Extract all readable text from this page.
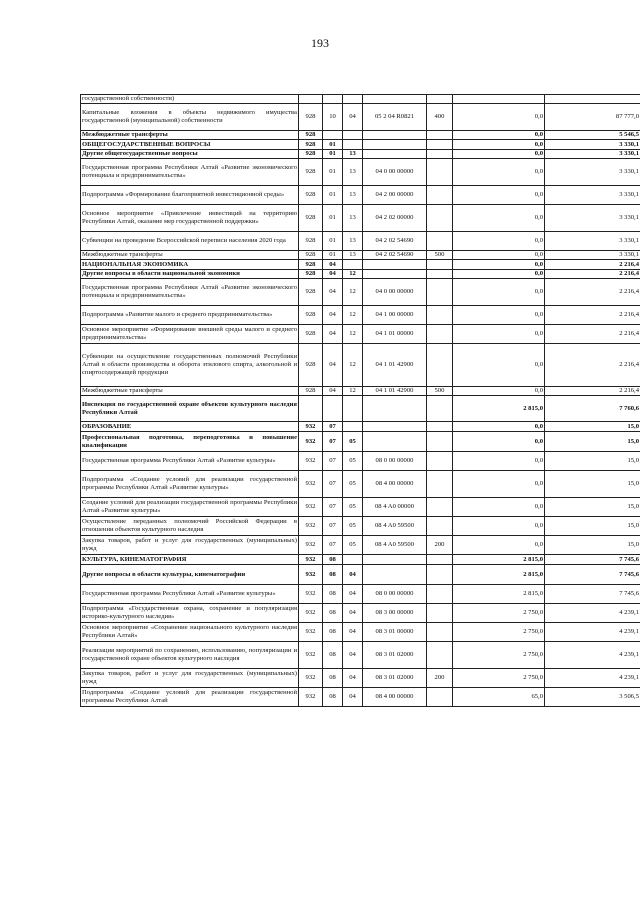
193
государственной собственности)							
Капитальные вложения в объекты недвижимого имущества государственной (муниципальной) собственности	928	10	04	05 2 04 R0821	400	0,0	87 777,0
Межбюджетные трансферты	928					0,0	5 546,5
ОБЩЕГОСУДАРСТВЕННЫЕ ВОПРОСЫ	928	01				0,0	3 330,1
Другие общегосударственные вопросы	928	01	13			0,0	3 330,1
Государственная программа Республики Алтай «Развитие экономического потенциала и предпринимательства»	928	01	13	04 0 00 00000		0,0	3 330,1
Подпрограмма «Формирование благоприятной инвестиционной среды»	928	01	13	04 2 00 00000		0,0	3 330,1
Основное мероприятие «Привлечение инвестиций на территорию Республики Алтай, оказание мер государственной поддержки»	928	01	13	04 2 02 00000		0,0	3 330,1
Субвенции на проведение Всероссийской переписи населения 2020 года	928	01	13	04 2 02 54690		0,0	3 330,1
Межбюджетные трансферты	928	01	13	04 2 02 54690	500	0,0	3 330,1
НАЦИОНАЛЬНАЯ ЭКОНОМИКА	928	04				0,0	2 216,4
Другие вопросы в области национальной экономики	928	04	12			0,0	2 216,4
Государственная программа Республики Алтай «Развитие экономического потенциала и предпринимательства»	928	04	12	04 0 00 00000		0,0	2 216,4
Подпрограмма «Развитие малого и среднего предпринимательства»	928	04	12	04 1 00 00000		0,0	2 216,4
Основное мероприятие «Формирование внешней среды малого и среднего предпринимательства»	928	04	12	04 1 01 00000		0,0	2 216,4
Субвенции на осуществление государственных полномочий Республики Алтай в области производства и оборота этилового спирта, алкогольной и спиртосодержащей продукции	928	04	12	04 1 01 42900		0,0	2 216,4
Межбюджетные трансферты	928	04	12	04 1 01 42900	500	0,0	2 216,4
Инспекция по государственной охране объектов культурного наследия Республики Алтай						2 815,0	7 760,6
ОБРАЗОВАНИЕ	932	07				0,0	15,0
Профессиональная подготовка, переподготовка и повышение квалификации	932	07	05			0,0	15,0
Государственная программа Республики Алтай «Развитие культуры»	932	07	05	08 0 00 00000		0,0	15,0
Подпрограмма «Создание условий для реализации государственной программы Республики Алтай «Развитие культуры»	932	07	05	08 4 00 00000		0,0	15,0
Создание условий для реализации государственной программы Республики Алтай «Развитие культуры»	932	07	05	08 4 A0 00000		0,0	15,0
Осуществление переданных полномочий Российской Федерации в отношении объектов культурного наследия	932	07	05	08 4 A0 59500		0,0	15,0
Закупка товаров, работ и услуг для государственных (муниципальных) нужд	932	07	05	08 4 A0 59500	200	0,0	15,0
КУЛЬТУРА, КИНЕМАТОГРАФИЯ	932	08				2 815,0	7 745,6
Другие вопросы в области культуры, кинематографии	932	08	04			2 815,0	7 745,6
Государственная программа Республики Алтай «Развитие культуры»	932	08	04	08 0 00 00000		2 815,0	7 745,6
Подпрограмма «Государственная охрана, сохранение и популяризация историко-культурного наследия»	932	08	04	08 3 00 00000		2 750,0	4 239,1
Основное мероприятие «Сохранение национального культурного наследия Республики Алтай»	932	08	04	08 3 01 00000		2 750,0	4 239,1
Реализация мероприятий по сохранению, использованию, популяризации и государственной охране объектов культурного наследия	932	08	04	08 3 01 02000		2 750,0	4 239,1
Закупка товаров, работ и услуг для государственных (муниципальных) нужд	932	08	04	08 3 01 02000	200	2 750,0	4 239,1
Подпрограмма «Создание условий для реализации государственной программы Республики Алтай	932	08	04	08 4 00 00000		65,0	3 506,5
